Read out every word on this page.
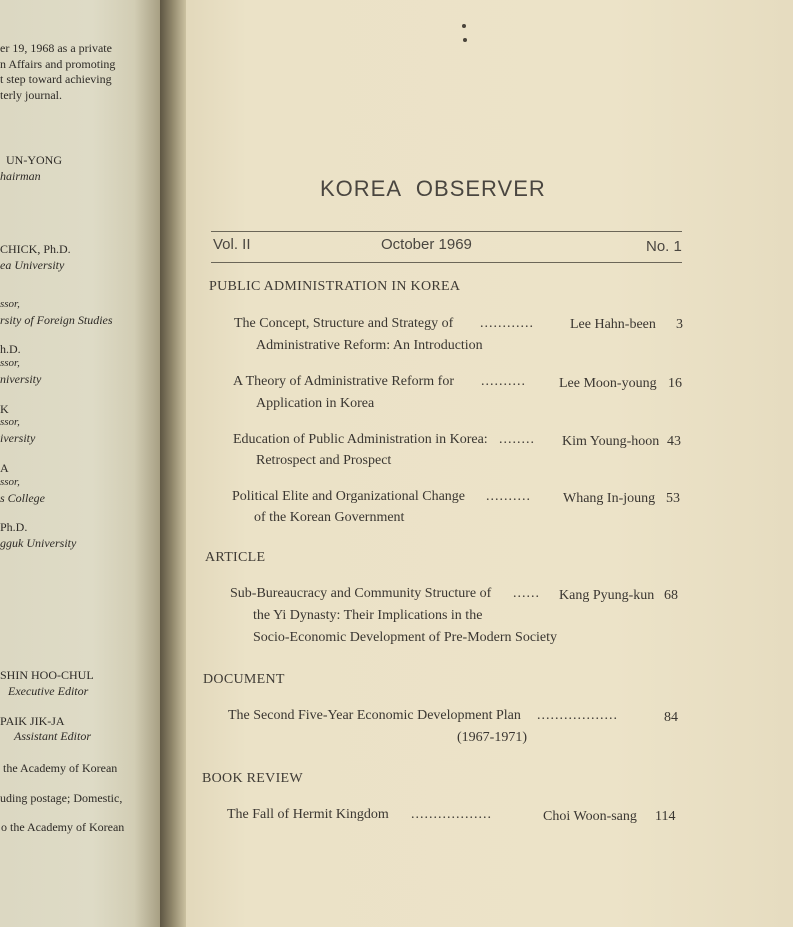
er 19, 1968 as a private
n Affairs and promoting
t step toward achieving
terly journal.
UN-YONG
hairman
CHICK, Ph.D.
ea University
ssor,
rsity of Foreign Studies
h.D.
ssor,
niversity
K
ssor,
iversity
A
ssor,
s College
Ph.D.
gguk University
SHIN HOO-CHUL
Executive Editor
PAIK JIK-JA
Assistant Editor
the Academy of Korean
uding postage; Domestic,
o the Academy of Korean
KOREA OBSERVER
Vol. II	October 1969	No. 1
PUBLIC ADMINISTRATION IN KOREA
The Concept, Structure and Strategy of ............	Lee Hahn-been 3
Administrative Reform: An Introduction
A Theory of Administrative Reform for .......... Lee Moon-young 16
Application in Korea
Education of Public Administration in Korea: ........ Kim Young-hoon 43
Retrospect and Prospect
Political Elite and Organizational Change .......... Whang In-joung 53
of the Korean Government
ARTICLE
Sub-Bureaucracy and Community Structure of ...... Kang Pyung-kun 68
the Yi Dynasty: Their Implications in the
Socio-Economic Development of Pre-Modern Society
DOCUMENT
The Second Five-Year Economic Development Plan ..................	84
(1967-1971)
BOOK REVIEW
The Fall of Hermit Kingdom ..................	Choi Woon-sang 114
